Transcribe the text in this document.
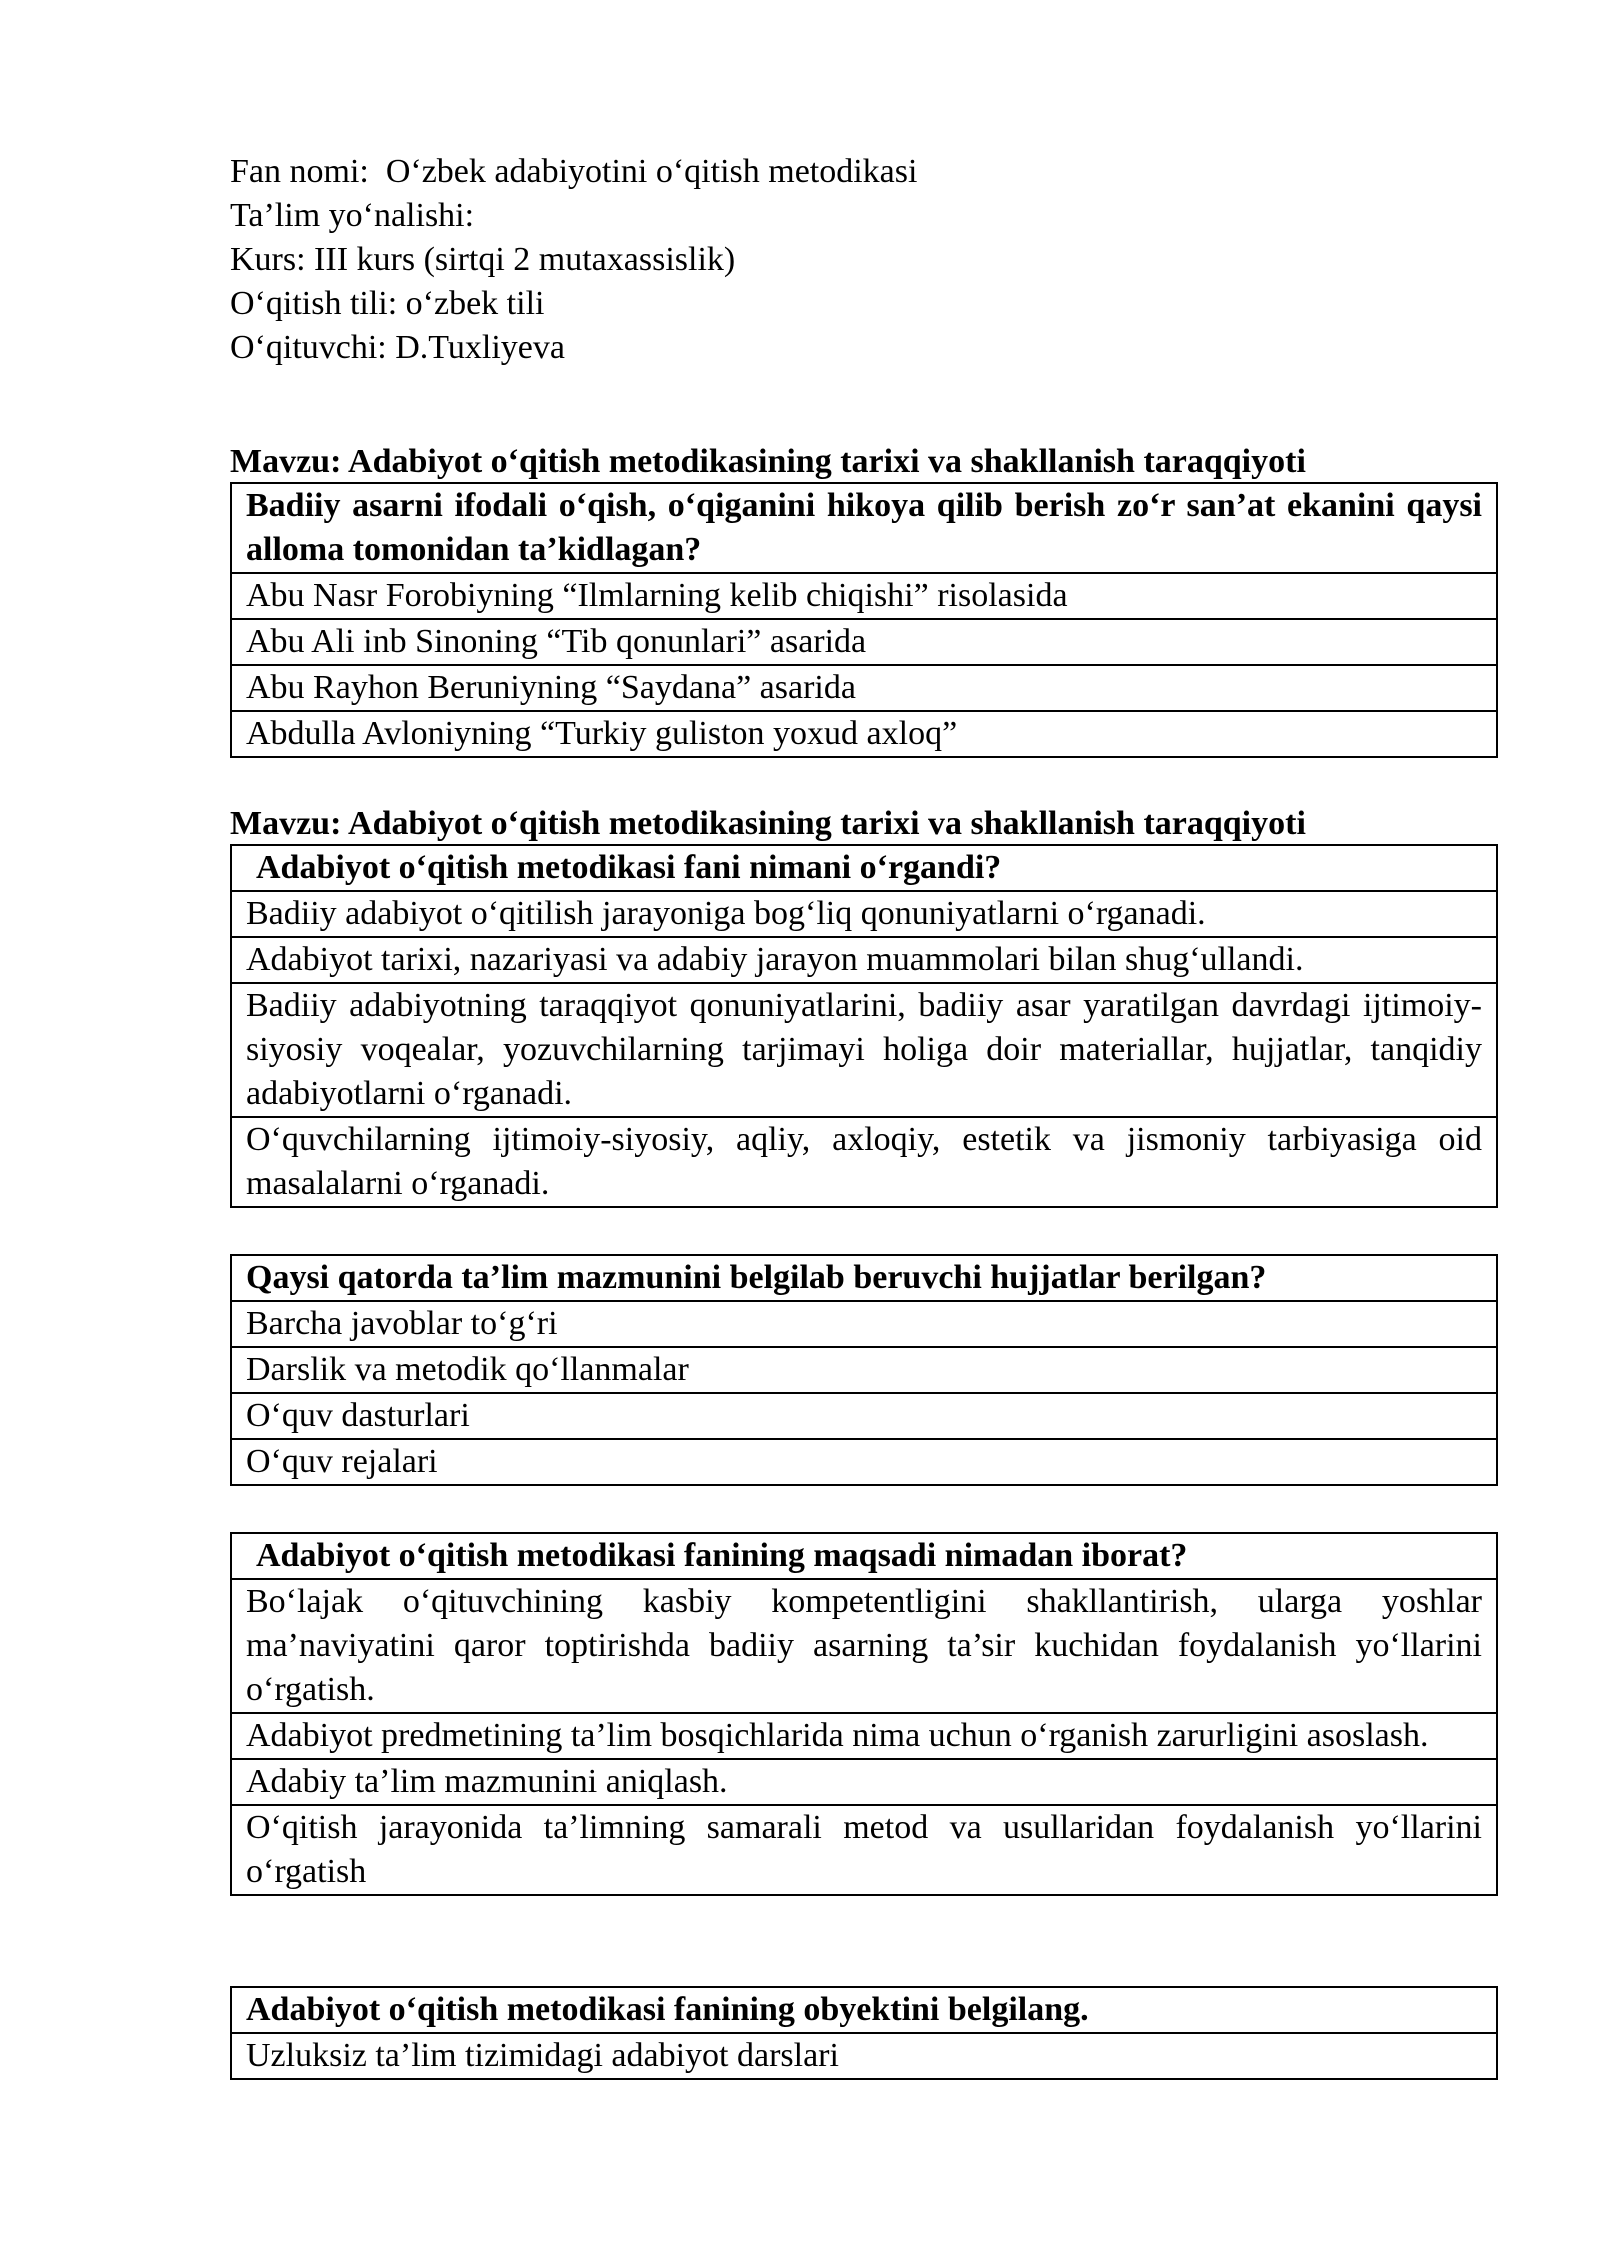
Fan nomi:  O‘zbek adabiyotini o‘qitish metodikasi
Ta’lim yo‘nalishi:
Kurs: III kurs (sirtqi 2 mutaxassislik)
O‘qitish tili: o‘zbek tili
O‘qituvchi: D.Tuxliyeva
Mavzu: Adabiyot o‘qitish metodikasining tarixi va shakllanish taraqqiyoti
Badiiy asarni ifodali o‘qish, o‘qiganini hikoya qilib berish zo‘r san’at ekanini qaysi alloma tomonidan ta’kidlagan?
Abu Nasr Forobiyning “Ilmlarning kelib chiqishi” risolasida
Abu Ali inb Sinoning “Tib qonunlari” asarida
Abu Rayhon Beruniyning “Saydana” asarida
Abdulla Avloniyning “Turkiy guliston yoxud axloq”
Mavzu: Adabiyot o‘qitish metodikasining tarixi va shakllanish taraqqiyoti
Adabiyot o‘qitish metodikasi fani nimani o‘rgandi?
Badiiy adabiyot o‘qitilish jarayoniga bog‘liq qonuniyatlarni o‘rganadi.
Adabiyot tarixi, nazariyasi va adabiy jarayon muammolari bilan shug‘ullandi.
Badiiy adabiyotning taraqqiyot qonuniyatlarini, badiiy asar yaratilgan davrdagi ijtimoiy-siyosiy voqealar, yozuvchilarning tarjimayi holiga doir materiallar, hujjatlar, tanqidiy adabiyotlarni o‘rganadi.
O‘quvchilarning ijtimoiy-siyosiy, aqliy, axloqiy, estetik va jismoniy tarbiyasiga oid masalalarni o‘rganadi.
Qaysi qatorda ta’lim mazmunini belgilab beruvchi hujjatlar berilgan?
Barcha javoblar to‘g‘ri
Darslik va metodik qo‘llanmalar
O‘quv dasturlari
O‘quv rejalari
Adabiyot o‘qitish metodikasi fanining maqsadi nimadan iborat?
Bo‘lajak o‘qituvchining kasbiy kompetentligini shakllantirish, ularga yoshlar ma’naviyatini qaror toptirishda badiiy asarning ta’sir kuchidan foydalanish yo‘llarini o‘rgatish.
Adabiyot predmetining ta’lim bosqichlarida nima uchun o‘rganish zarurligini asoslash.
Adabiy ta’lim mazmunini aniqlash.
O‘qitish jarayonida ta’limning samarali metod va usullaridan foydalanish yo‘llarini o‘rgatish
Adabiyot o‘qitish metodikasi fanining obyektini belgilang.
Uzluksiz ta’lim tizimidagi adabiyot darslari
